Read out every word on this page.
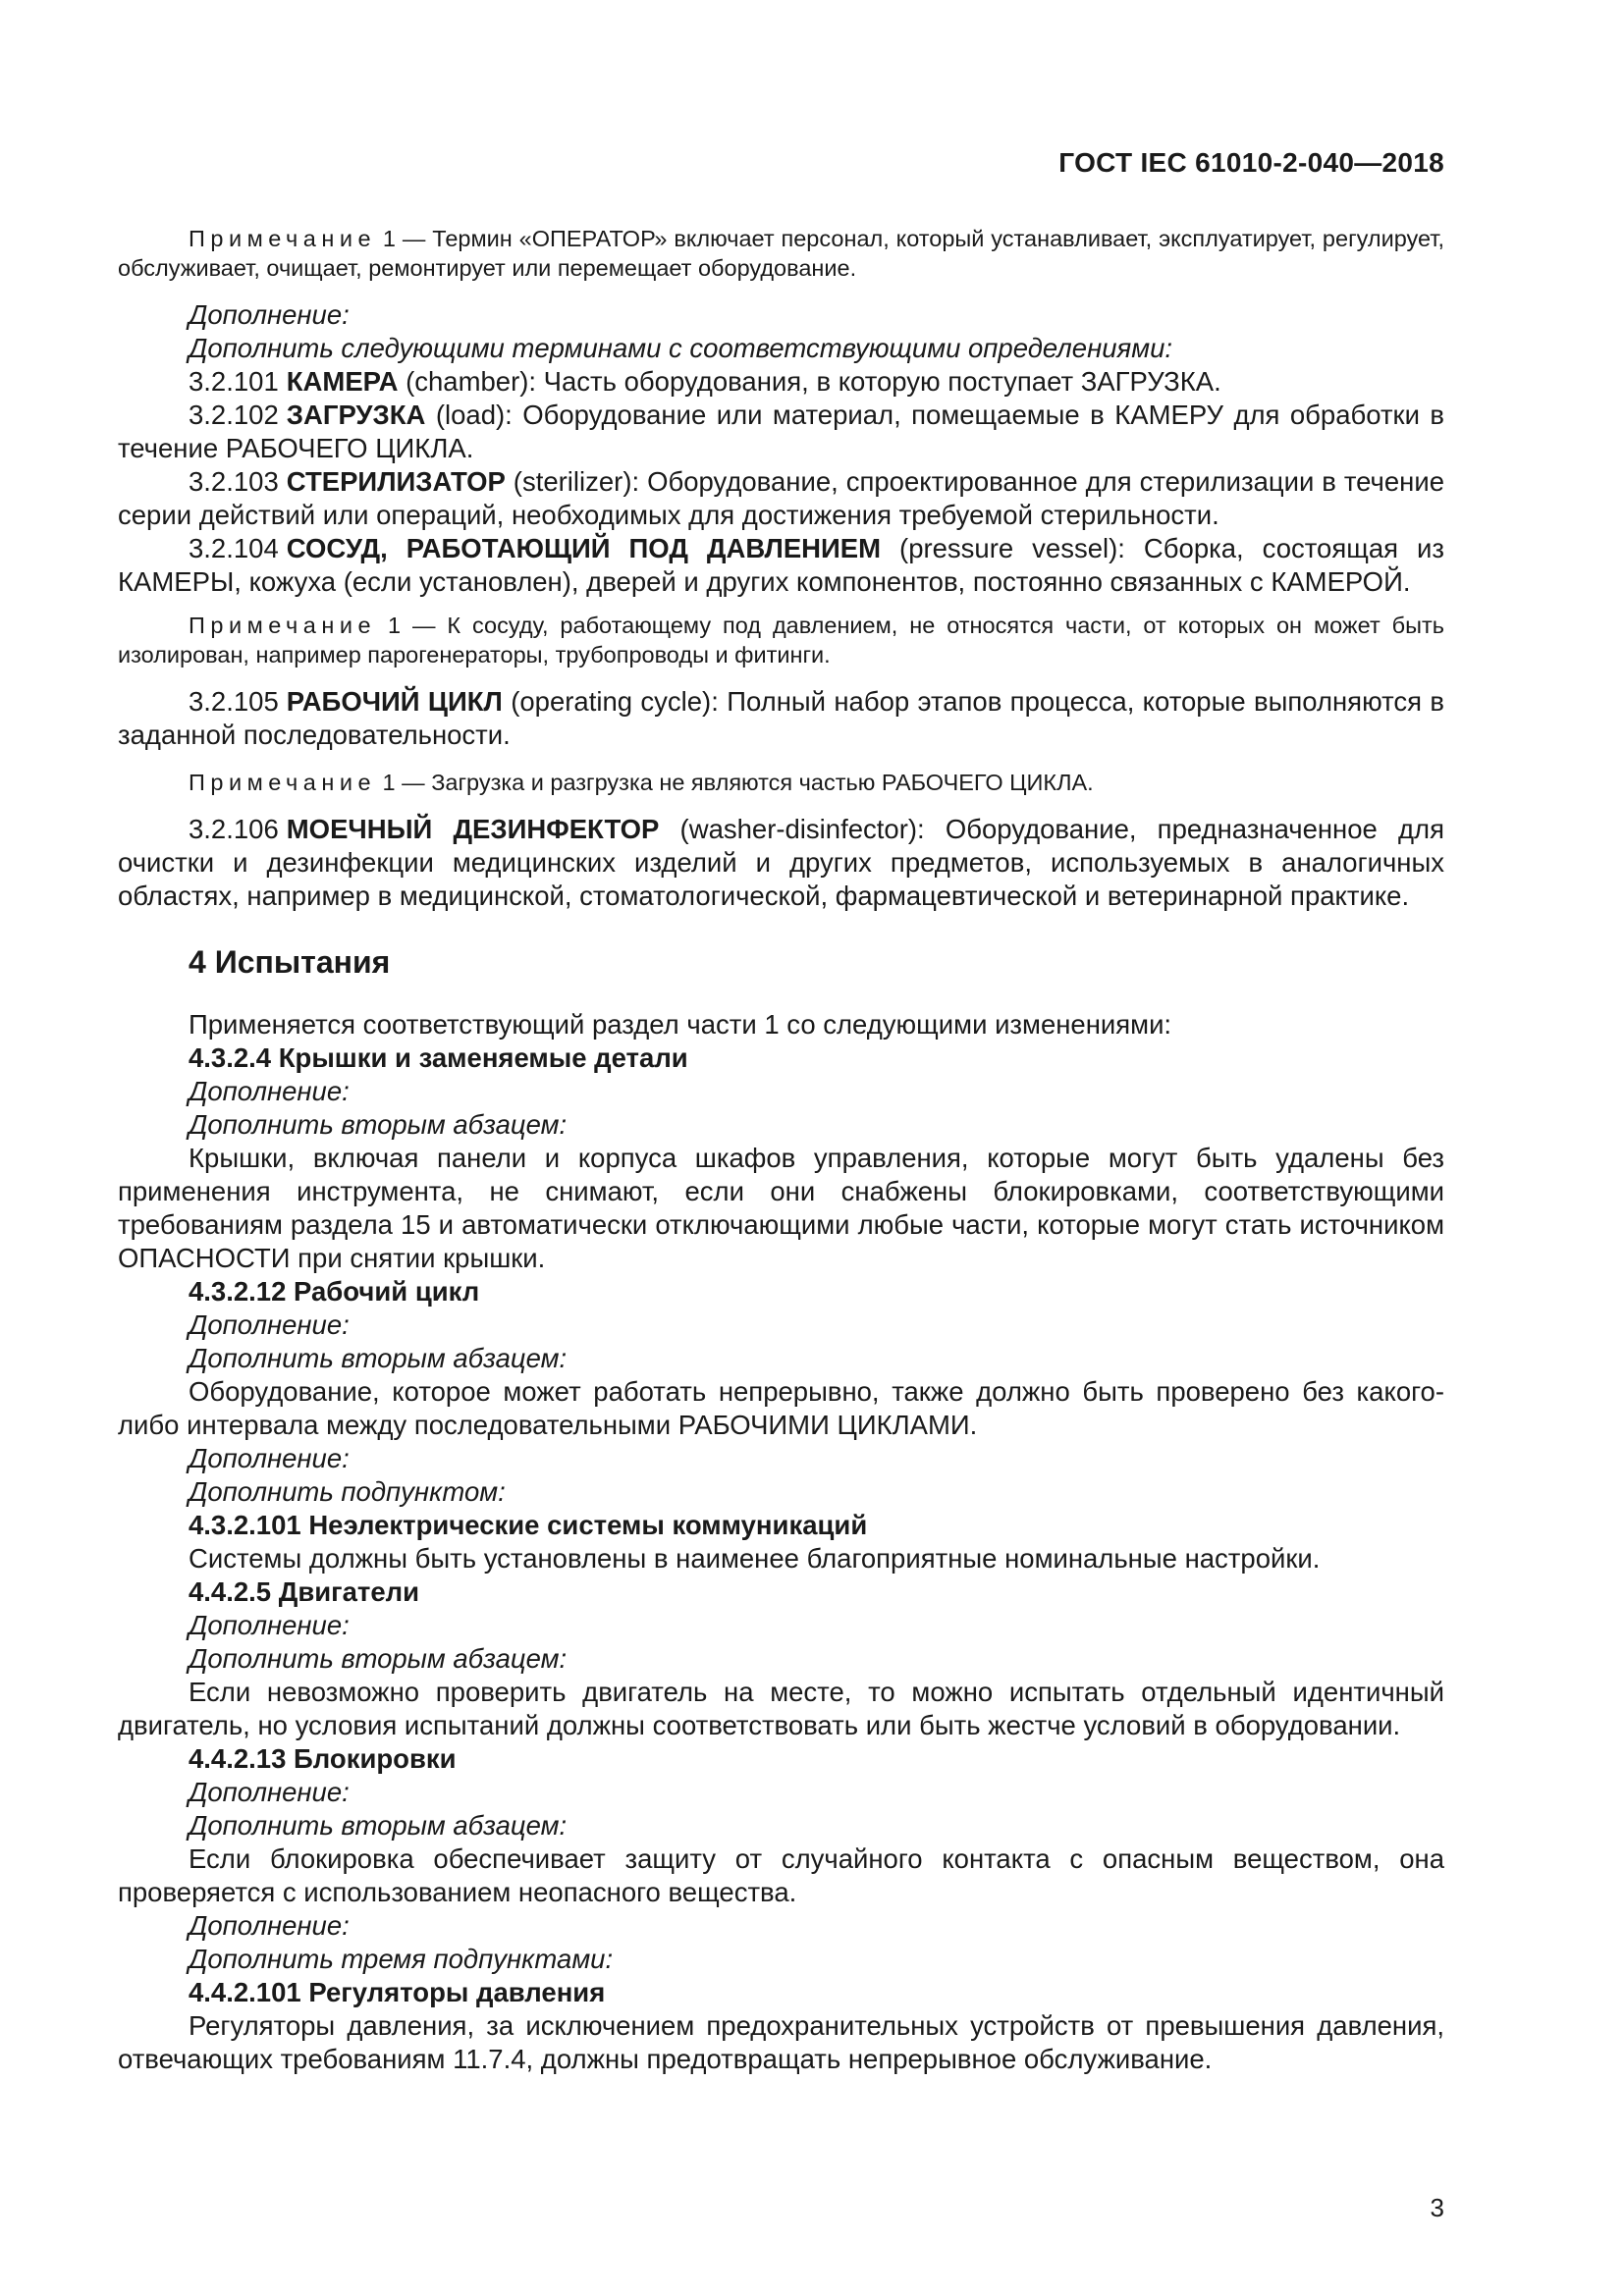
ГОСТ IEC 61010-2-040—2018

Примечание 1 — Термин «ОПЕРАТОР» включает персонал, который устанавливает, эксплуатирует, регулирует, обслуживает, очищает, ремонтирует или перемещает оборудование.

Дополнение:

Дополнить следующими терминами с соответствующими определениями:

3.2.101 КАМЕРА (chamber): Часть оборудования, в которую поступает ЗАГРУЗКА.

3.2.102 ЗАГРУЗКА (load): Оборудование или материал, помещаемые в КАМЕРУ для обработки в течение РАБОЧЕГО ЦИКЛА.

3.2.103 СТЕРИЛИЗАТОР (sterilizer): Оборудование, спроектированное для стерилизации в течение серии действий или операций, необходимых для достижения требуемой стерильности.

3.2.104 СОСУД, РАБОТАЮЩИЙ ПОД ДАВЛЕНИЕМ (pressure vessel): Сборка, состоящая из КАМЕРЫ, кожуха (если установлен), дверей и других компонентов, постоянно связанных с КАМЕРОЙ.

Примечание 1 — К сосуду, работающему под давлением, не относятся части, от которых он может быть изолирован, например парогенераторы, трубопроводы и фитинги.

3.2.105 РАБОЧИЙ ЦИКЛ (operating cycle): Полный набор этапов процесса, которые выполняются в заданной последовательности.

Примечание 1 — Загрузка и разгрузка не являются частью РАБОЧЕГО ЦИКЛА.

3.2.106 МОЕЧНЫЙ ДЕЗИНФЕКТОР (washer-disinfector): Оборудование, предназначенное для очистки и дезинфекции медицинских изделий и других предметов, используемых в аналогичных областях, например в медицинской, стоматологической, фармацевтической и ветеринарной практике.

4 Испытания

Применяется соответствующий раздел части 1 со следующими изменениями:

4.3.2.4 Крышки и заменяемые детали

Дополнение:

Дополнить вторым абзацем:

Крышки, включая панели и корпуса шкафов управления, которые могут быть удалены без применения инструмента, не снимают, если они снабжены блокировками, соответствующими требованиям раздела 15 и автоматически отключающими любые части, которые могут стать источником ОПАСНОСТИ при снятии крышки.

4.3.2.12 Рабочий цикл

Дополнение:

Дополнить вторым абзацем:

Оборудование, которое может работать непрерывно, также должно быть проверено без какого-либо интервала между последовательными РАБОЧИМИ ЦИКЛАМИ.

Дополнение:

Дополнить подпунктом:

4.3.2.101 Неэлектрические системы коммуникаций

Системы должны быть установлены в наименее благоприятные номинальные настройки.

4.4.2.5 Двигатели

Дополнение:

Дополнить вторым абзацем:

Если невозможно проверить двигатель на месте, то можно испытать отдельный идентичный двигатель, но условия испытаний должны соответствовать или быть жестче условий в оборудовании.

4.4.2.13 Блокировки

Дополнение:

Дополнить вторым абзацем:

Если блокировка обеспечивает защиту от случайного контакта с опасным веществом, она проверяется с использованием неопасного вещества.

Дополнение:

Дополнить тремя подпунктами:

4.4.2.101 Регуляторы давления

Регуляторы давления, за исключением предохранительных устройств от превышения давления, отвечающих требованиям 11.7.4, должны предотвращать непрерывное обслуживание.

3
